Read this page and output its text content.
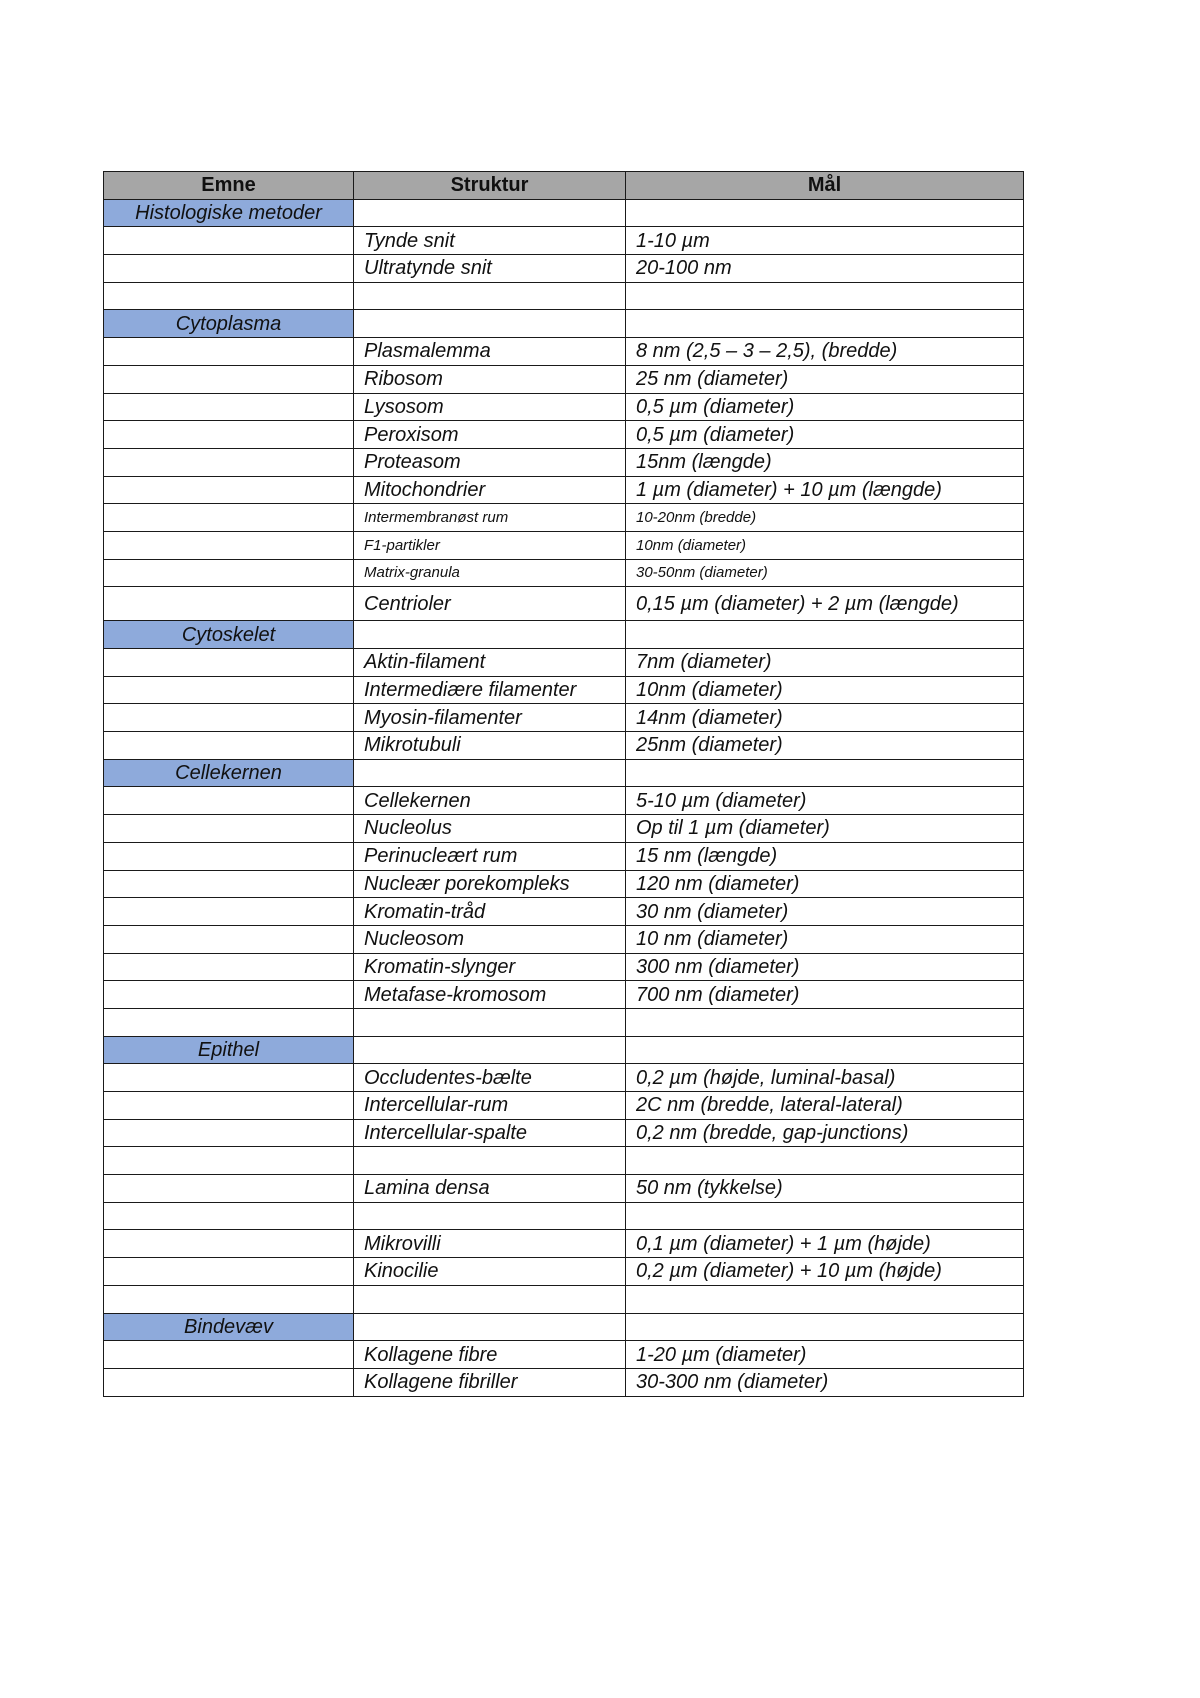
Emne	Struktur	Mål
Histologiske metoder		
	Tynde snit	1-10 µm
	Ultratynde snit	20-100 nm

Cytoplasma		
	Plasmalemma	8 nm (2,5 – 3 – 2,5), (bredde)
	Ribosom	25 nm (diameter)
	Lysosom	0,5 µm (diameter)
	Peroxisom	0,5 µm (diameter)
	Proteasom	15nm (længde)
	Mitochondrier	1 µm (diameter) + 10 µm (længde)
	Intermembranøst rum	10-20nm (bredde)
	F1-partikler	10nm (diameter)
	Matrix-granula	30-50nm (diameter)
	Centrioler	0,15 µm (diameter) + 2 µm (længde)
Cytoskelet		
	Aktin-filament	7nm (diameter)
	Intermediære filamenter	10nm (diameter)
	Myosin-filamenter	14nm (diameter)
	Mikrotubuli	25nm (diameter)
Cellekernen		
	Cellekernen	5-10 µm (diameter)
	Nucleolus	Op til 1 µm (diameter)
	Perinucleært rum	15 nm (længde)
	Nucleær porekompleks	120 nm (diameter)
	Kromatin-tråd	30 nm (diameter)
	Nucleosom	10 nm (diameter)
	Kromatin-slynger	300 nm (diameter)
	Metafase-kromosom	700 nm (diameter)

Epithel		
	Occludentes-bælte	0,2 µm (højde, luminal-basal)
	Intercellular-rum	2C nm (bredde, lateral-lateral)
	Intercellular-spalte	0,2 nm (bredde, gap-junctions)

	Lamina densa	50 nm (tykkelse)

	Mikrovilli	0,1 µm (diameter) + 1 µm (højde)
	Kinocilie	0,2 µm (diameter) + 10 µm (højde)

Bindevæv		
	Kollagene fibre	1-20 µm (diameter)
	Kollagene fibriller	30-300 nm (diameter)
